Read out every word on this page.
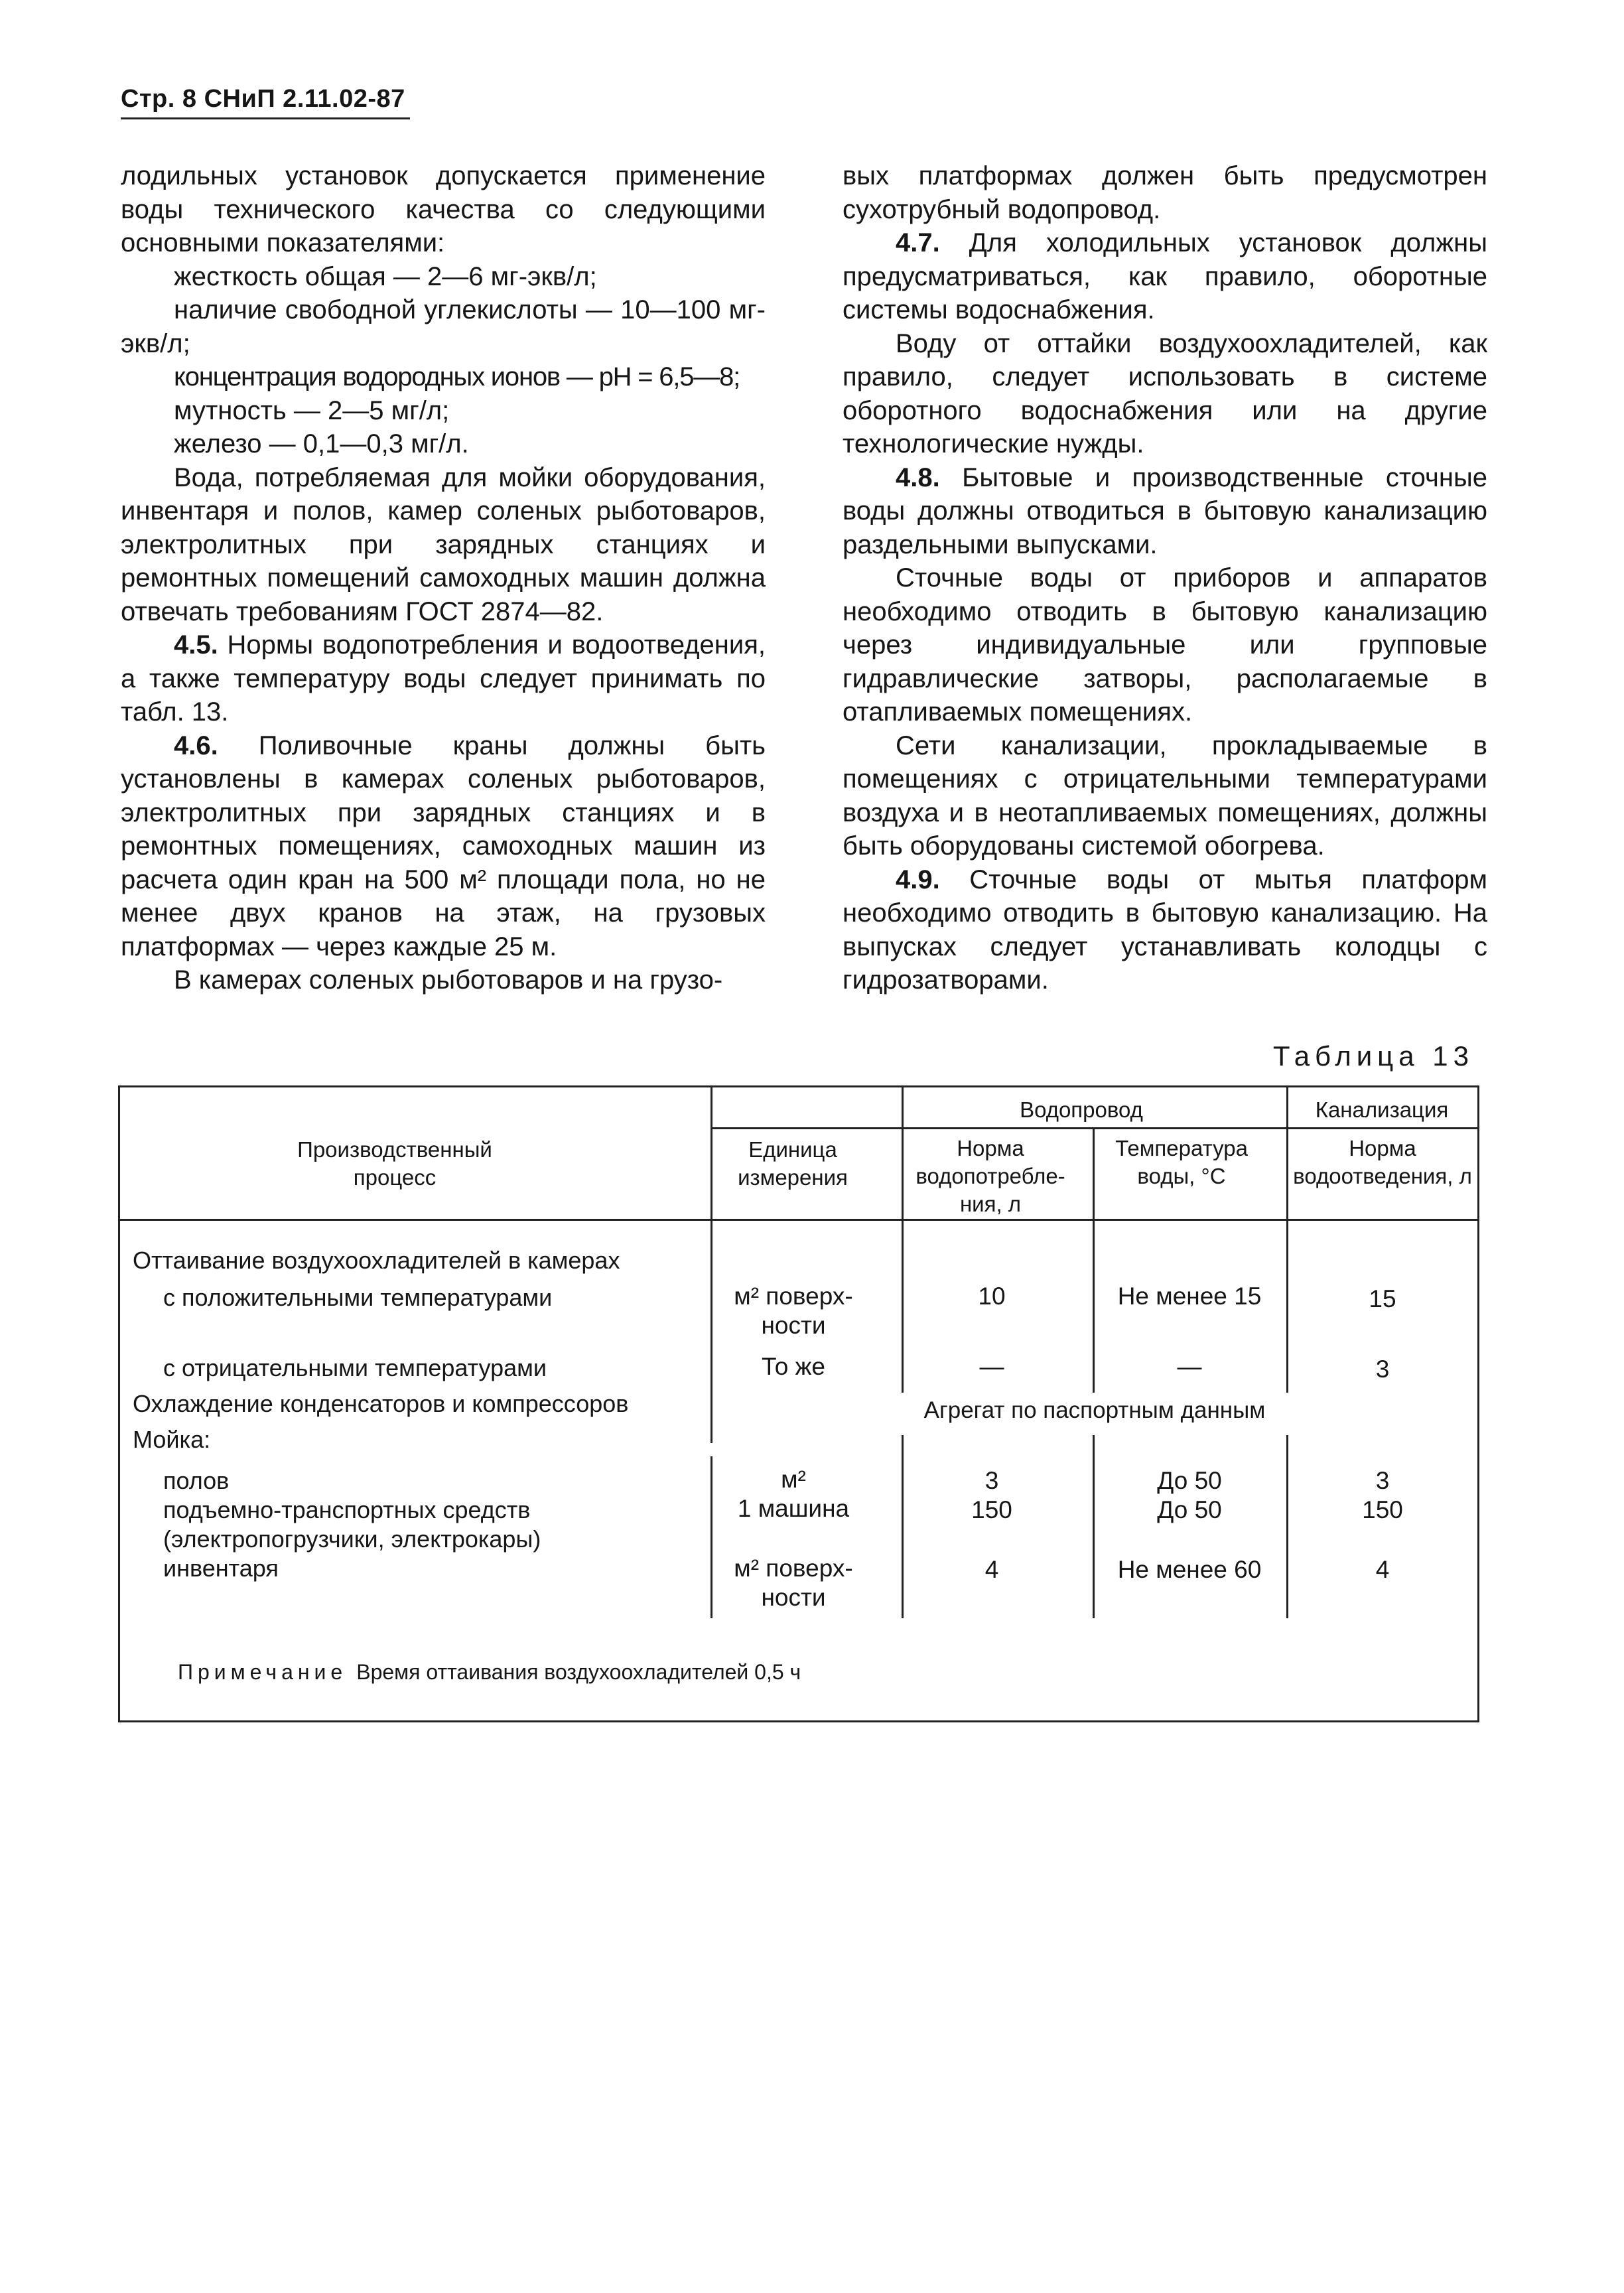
Стр. 8 СНиП 2.11.02-87

лодильных установок допускается применение воды технического качества со следующими основными показателями:

жесткость общая — 2—6 мг-экв/л;

наличие свободной углекислоты — 10—100 мг-экв/л;

концентрация водородных ионов — pH = 6,5—8;

мутность — 2—5 мг/л;

железо — 0,1—0,3 мг/л.

Вода, потребляемая для мойки оборудования, инвентаря и полов, камер соленых рыботоваров, электролитных при зарядных станциях и ремонтных помещений самоходных машин должна отвечать требованиям ГОСТ 2874—82.

4.5. Нормы водопотребления и водоотведения, а также температуру воды следует принимать по табл. 13.

4.6. Поливочные краны должны быть установлены в камерах соленых рыботоваров, электролитных при зарядных станциях и в ремонтных помещениях, самоходных машин из расчета один кран на 500 м² площади пола, но не менее двух кранов на этаж, на грузовых платформах — через каждые 25 м.

В камерах соленых рыботоваров и на грузо-

вых платформах должен быть предусмотрен сухотрубный водопровод.

4.7. Для холодильных установок должны предусматриваться, как правило, оборотные системы водоснабжения.

Воду от оттайки воздухоохладителей, как правило, следует использовать в системе оборотного водоснабжения или на другие технологические нужды.

4.8. Бытовые и производственные сточные воды должны отводиться в бытовую канализацию раздельными выпусками.

Сточные воды от приборов и аппаратов необходимо отводить в бытовую канализацию через индивидуальные или групповые гидравлические затворы, располагаемые в отапливаемых помещениях.

Сети канализации, прокладываемые в помещениях с отрицательными температурами воздуха и в неотапливаемых помещениях, должны быть оборудованы системой обогрева.

4.9. Сточные воды от мытья платформ необходимо отводить в бытовую канализацию. На выпусках следует устанавливать колодцы с гидрозатворами.

Таблица 13
Производственный процесс
Единица измерения
Водопровод	Канализация
Норма водопотребле-ния, л
Температура воды, °С
Норма водоотведения, л
Оттаивание воздухоохладителей в камерах
с положительными температурами
с отрицательными температурами
Охлаждение конденсаторов и компрессоров
Мойка:
полов
подъемно-транспортных средств (электропогрузчики, электрокары)
инвентаря
м² поверх-ности
То же
м²
1 машина
м² поверх-ности
10
—
3
150
4
Не менее 15
—
До 50
До 50
Не менее 60
15
3
3
150
4
Агрегат по паспортным данным
Примечание Время оттаивания воздухоохладителей 0,5 ч
